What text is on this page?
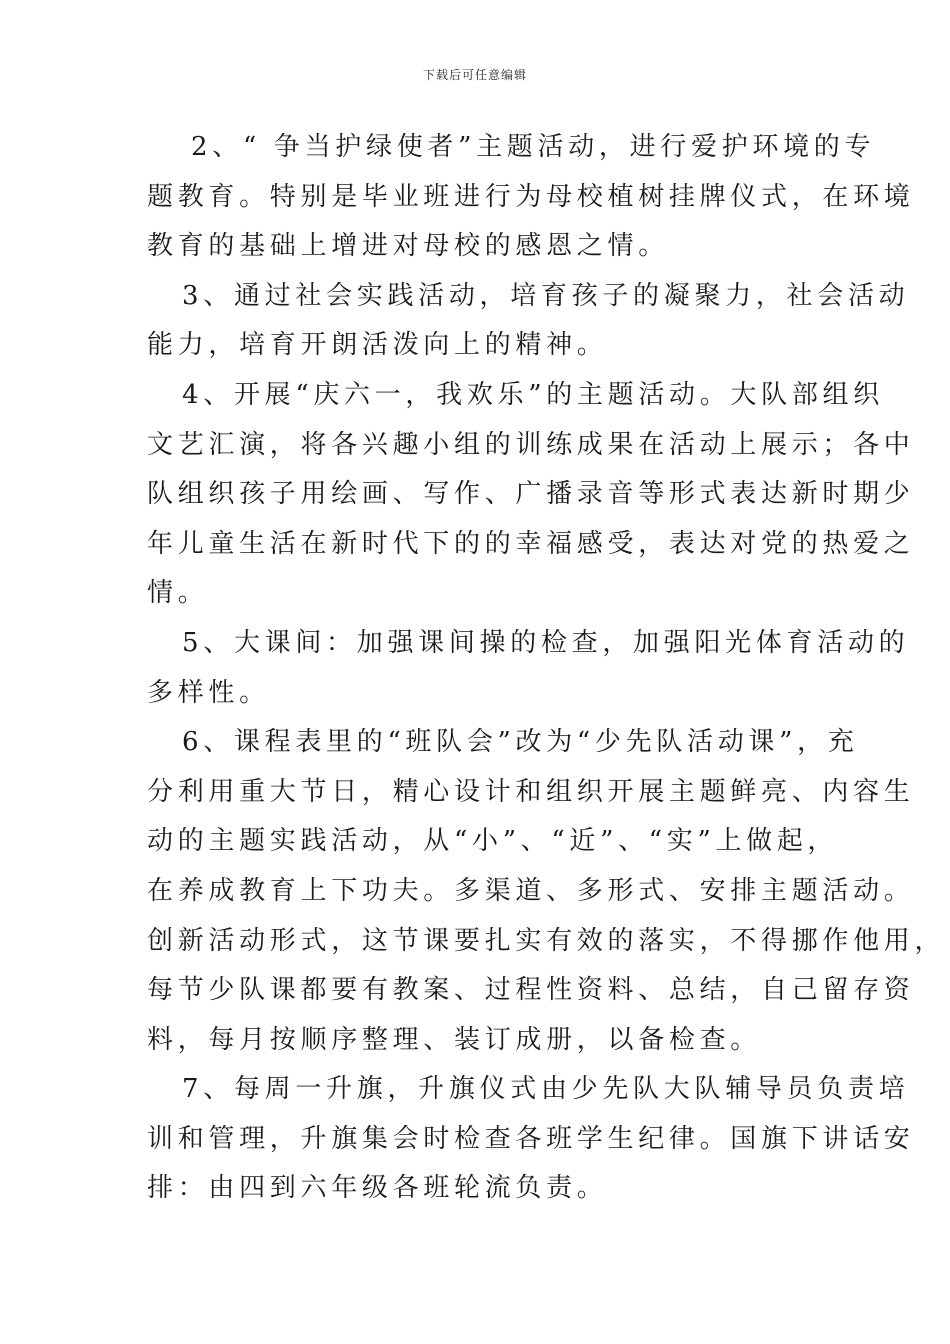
下载后可任意编辑
2、“ 争当护绿使者”主题活动，进行爱护环境的专
题教育。特别是毕业班进行为母校植树挂牌仪式，在环境
教育的基础上增进对母校的感恩之情。
3、通过社会实践活动，培育孩子的凝聚力，社会活动
能力，培育开朗活泼向上的精神。
4、开展“庆六一，我欢乐”的主题活动。大队部组织
文艺汇演，将各兴趣小组的训练成果在活动上展示；各中
队组织孩子用绘画、写作、广播录音等形式表达新时期少
年儿童生活在新时代下的的幸福感受，表达对党的热爱之
情。
5、大课间：加强课间操的检查，加强阳光体育活动的
多样性。
6、课程表里的“班队会”改为“少先队活动课”，充
分利用重大节日，精心设计和组织开展主题鲜亮、内容生
动的主题实践活动，从“小”、“近”、“实”上做起，
在养成教育上下功夫。多渠道、多形式、安排主题活动。
创新活动形式，这节课要扎实有效的落实，不得挪作他用，
每节少队课都要有教案、过程性资料、总结，自己留存资
料，每月按顺序整理、装订成册，以备检查。
7、每周一升旗，升旗仪式由少先队大队辅导员负责培
训和管理，升旗集会时检查各班学生纪律。国旗下讲话安
排：由四到六年级各班轮流负责。
